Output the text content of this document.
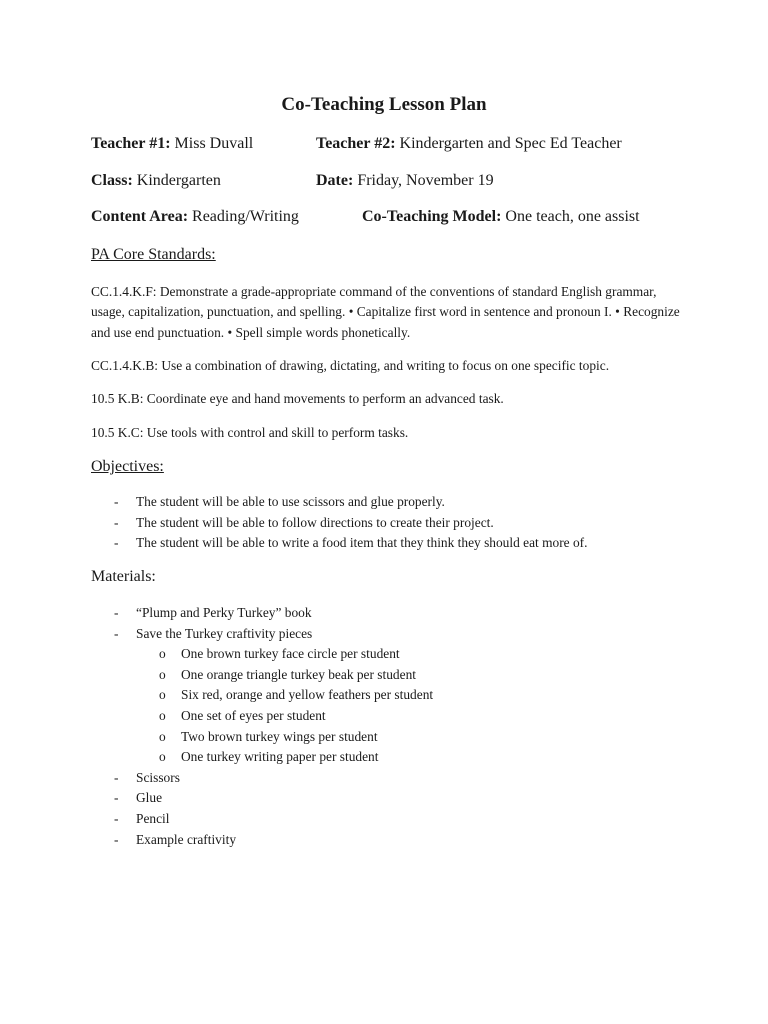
Co-Teaching Lesson Plan
Teacher #1: Miss Duvall	Teacher #2: Kindergarten and Spec Ed Teacher
Class: Kindergarten	Date: Friday, November 19
Content Area: Reading/Writing	Co-Teaching Model: One teach, one assist
PA Core Standards:

CC.1.4.K.F: Demonstrate a grade-appropriate command of the conventions of standard English grammar, usage, capitalization, punctuation, and spelling. • Capitalize first word in sentence and pronoun I. • Recognize and use end punctuation. • Spell simple words phonetically.

CC.1.4.K.B: Use a combination of drawing, dictating, and writing to focus on one specific topic.

10.5 K.B: Coordinate eye and hand movements to perform an advanced task.

10.5 K.C: Use tools with control and skill to perform tasks.

Objectives:
- The student will be able to use scissors and glue properly.
- The student will be able to follow directions to create their project.
- The student will be able to write a food item that they think they should eat more of.
Materials:
- “Plump and Perky Turkey” book
- Save the Turkey craftivity pieces
o One brown turkey face circle per student
o One orange triangle turkey beak per student
o Six red, orange and yellow feathers per student
o One set of eyes per student
o Two brown turkey wings per student
o One turkey writing paper per student
- Scissors
- Glue
- Pencil
- Example craftivity
